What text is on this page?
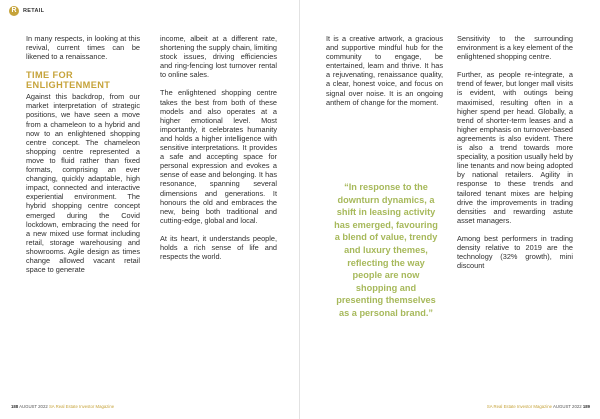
R	RETAIL

In many respects, in looking at this revival, current times can be likened to a renaissance.

TIME FOR
ENLIGHTENMENT

Against this backdrop, from our market interpretation of strategic positions, we have seen a move from a chameleon to a hybrid and now to an enlightened shopping centre concept. The chameleon shopping centre represented a move to fluid rather than fixed formats, comprising an ever changing, quickly adaptable, high impact, connected and interactive experiential environment. The hybrid shopping centre concept emerged during the Covid lockdown, embracing the need for a new mixed use format including retail, storage warehousing and showrooms. Agile design as times change allowed vacant retail space to generate

income, albeit at a different rate, shortening the supply chain, limiting stock issues, driving efficiencies and ring-fencing lost turnover rental to online sales.

The enlightened shopping centre takes the best from both of these models and also operates at a higher emotional level. Most importantly, it celebrates humanity and holds a higher intelligence with sensitive interpretations. It provides a safe and accepting space for personal expression and evokes a sense of ease and belonging. It has resonance, spanning several dimensions and generations. It honours the old and embraces the new, being both traditional and cutting-edge, global and local.

At its heart, it understands people, holds a rich sense of life and respects the world.

188 AUGUST 2022 SA Real Estate Investor Magazine

It is a creative artwork, a gracious and supportive mindful hub for the community to engage, be entertained, learn and thrive. It has a rejuvenating, renaissance quality, a clear, honest voice, and focus on signal over noise. It is an ongoing anthem of change for the moment.

“In response to the downturn dynamics, a shift in leasing activity has emerged, favouring a blend of value, trendy and luxury themes, reflecting the way people are now shopping and presenting themselves as a personal brand.”

Sensitivity to the surrounding environment is a key element of the enlightened shopping centre.

Further, as people re-integrate, a trend of fewer, but longer mall visits is evident, with outings being maximised, resulting often in a higher spend per head. Globally, a trend of shorter-term leases and a higher emphasis on turnover-based agreements is also evident. There is also a trend towards more speciality, a position usually held by line tenants and now being adopted by national retailers. Agility in response to these trends and tailored tenant mixes are helping drive the improvements in trading densities and rewarding astute asset managers.

Among best performers in trading density relative to 2019 are the technology (32% growth), mini discount

SA Real Estate Investor Magazine AUGUST 2022 189
